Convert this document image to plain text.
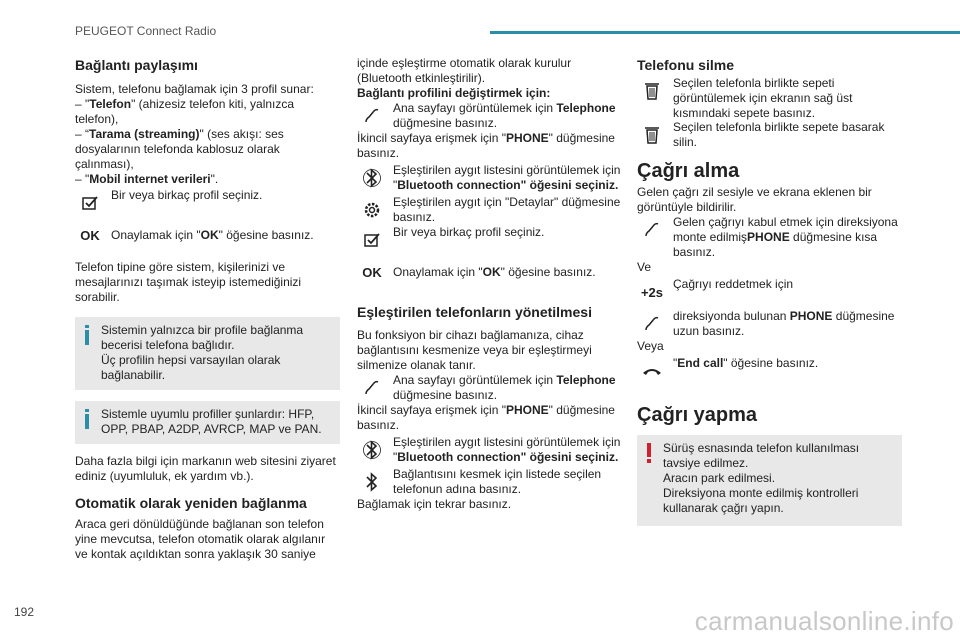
PEUGEOT Connect Radio
Bağlantı paylaşımı

Sistem, telefonu bağlamak için 3 profil sunar:

– "Telefon" (ahizesiz telefon kiti, yalnızca telefon),

– “Tarama (streaming)" (ses akışı: ses dosyalarının telefonda kablosuz olarak çalınması),

– "Mobil internet verileri".

Bir veya birkaç profil seçiniz.
OK Onaylamak için "OK" öğesine basınız.

Telefon tipine göre sistem, kişilerinizi ve mesajlarınızı taşımak isteyip istemediğinizi sorabilir.

Sistemin yalnızca bir profile bağlanma becerisi telefona bağlıdır.

Üç profilin hepsi varsayılan olarak bağlanabilir.

Sistemle uyumlu profiller şunlardır: HFP, OPP, PBAP, A2DP, AVRCP, MAP ve PAN.

Daha fazla bilgi için markanın web sitesini ziyaret ediniz (uyumluluk, ek yardım vb.).

Otomatik olarak yeniden bağlanma

Araca geri dönüldüğünde bağlanan son telefon yine mevcutsa, telefon otomatik olarak algılanır ve kontak açıldıktan sonra yaklaşık 30 saniye

içinde eşleştirme otomatik olarak kurulur (Bluetooth etkinleştirilir).

Bağlantı profilini değiştirmek için:

Ana sayfayı görüntülemek için Telephone düğmesine basınız.

İkincil sayfaya erişmek için "PHONE" düğmesine basınız.

Eşleştirilen aygıt listesini görüntülemek için "Bluetooth connection" öğesini seçiniz.
Eşleştirilen aygıt için "Detaylar" düğmesine basınız.
Bir veya birkaç profil seçiniz.
OK Onaylamak için "OK" öğesine basınız.
Eşleştirilen telefonların yönetilmesi

Bu fonksiyon bir cihazı bağlamanıza, cihaz bağlantısını kesmenize veya bir eşleştirmeyi silmenize olanak tanır.

Ana sayfayı görüntülemek için Telephone düğmesine basınız.

İkincil sayfaya erişmek için "PHONE" düğmesine basınız.

Eşleştirilen aygıt listesini görüntülemek için "Bluetooth connection" öğesini seçiniz.
Bağlantısını kesmek için listede seçilen telefonun adına basınız.

Bağlamak için tekrar basınız.

Telefonu silme
Seçilen telefonla birlikte sepeti görüntülemek için ekranın sağ üst kısmındaki sepete basınız.
Seçilen telefonla birlikte sepete basarak silin.
Çağrı alma

Gelen çağrı zil sesiyle ve ekrana eklenen bir görüntüyle bildirilir.

Gelen çağrıyı kabul etmek için direksiyona monte edilmişPHONE düğmesine kısa basınız.

Ve

+2s
Çağrıyı reddetmek için
direksiyonda bulunan PHONE düğmesine uzun basınız.

Veya

"End call" öğesine basınız.
Çağrı yapma

Sürüş esnasında telefon kullanılması tavsiye edilmez.

Aracın park edilmesi.

Direksiyona monte edilmiş kontrolleri kullanarak çağrı yapın.

192	carmanualsonline.info
